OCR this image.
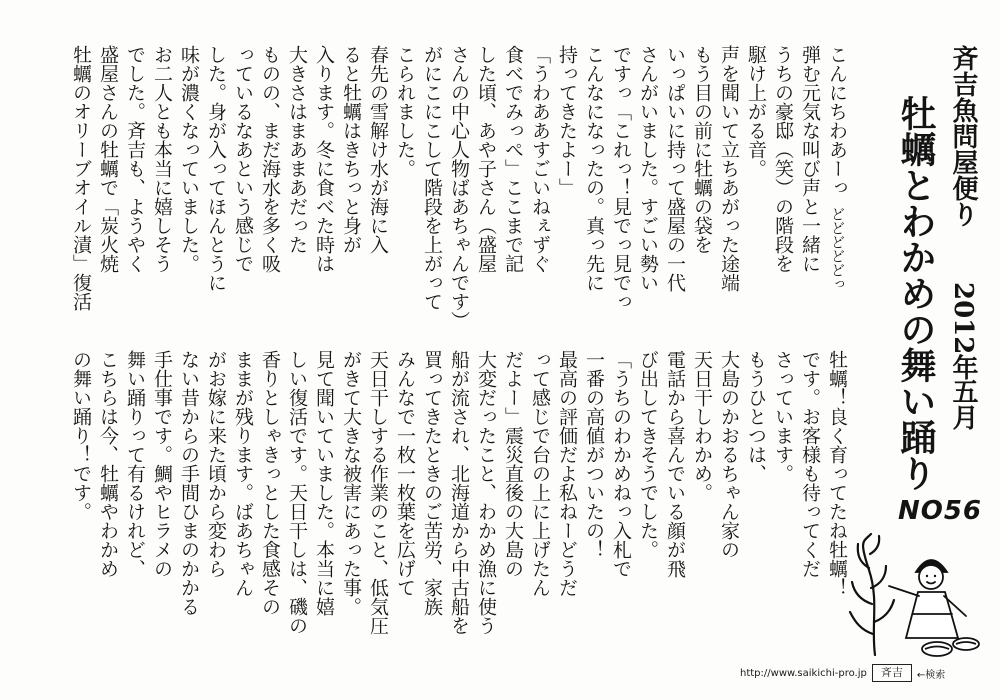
こんにちわあーっどどどどどっ
弾む元気な叫び声と一緒に
うちの豪邸（笑）の階段を
駆け上がる音。
声を聞いて立ちあがった途端
もう目の前に牡蠣の袋を
いっぱいに持って盛屋の一代
さんがいました。すごい勢い
ですっ「これっ！見でっ見でっ
こんなになったの。真っ先に
持ってきたよー」
「うわああすごいねぇずぐ
食べでみっぺ」ここまで記
した頃、あや子さん（盛屋
さんの中心人物ばあちゃんです）
がにこにこして階段を上がって
こられました。
春先の雪解け水が海に入
ると牡蠣はきちっと身が
入ります。冬に食べた時は
大きさはまあまあだった
ものの、まだ海水を多く吸
っているなあという感じで
した。身が入ってほんとうに
味が濃くなっていました。
お二人とも本当に嬉しそう
でした。斉吉も、ようやく
盛屋さんの牡蠣で「炭火焼
牡蠣のオリーブオイル漬」復活
牡蠣！良く育ってたね牡蠣！
です。お客様も待ってくだ
さっています。
もうひとつは、
大島のかおるちゃん家の
天日干しわかめ。
電話から喜んでいる顔が飛
び出してきそうでした。
「うちのわかめねっ入札で
一番の高値がついたの！
最高の評価だよ私ねーどうだ
って感じで台の上に上げたん
だよー」震災直後の大島の
大変だったこと、わかめ漁に使う
船が流され、北海道から中古船を
買ってきたときのご苦労、家族
みんなで一枚一枚葉を広げて
天日干しする作業のこと、低気圧
がきて大きな被害にあった事。
見て聞いていました。本当に嬉
しい復活です。天日干しは、磯の
香りとしゃきっとした食感その
ままが残ります。ばあちゃん
がお嫁に来た頃から変わら
ない昔からの手間ひまのかかる
手仕事です。鯛やヒラメの
舞い踊りって有るけれど、
こちらは今、牡蠣やわかめ
の舞い踊り！です。
斉吉魚問屋便り
2012年
五月
牡蠣とわかめの舞い踊り
NO56
http://www.saikichi-pro.jp	斉吉	←検索
